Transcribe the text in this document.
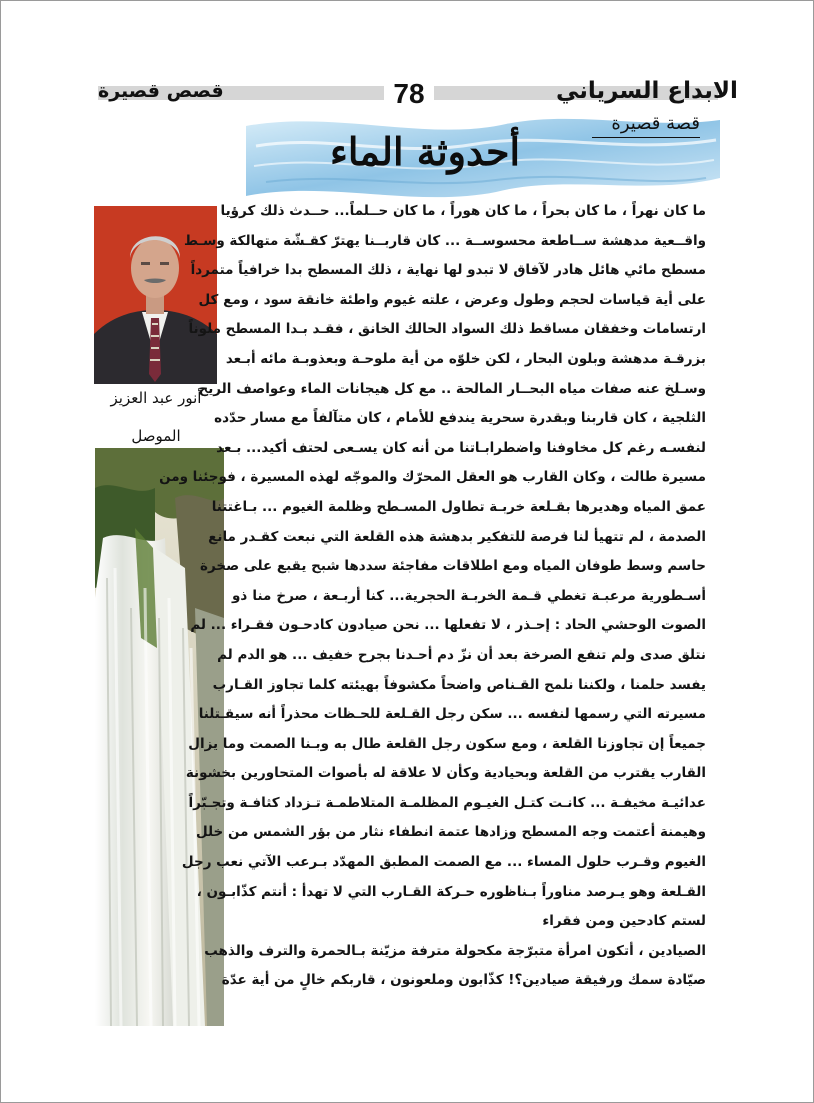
الابداع السرياني
قصص قصيرة	78
قصة قصيرة
أحدوثة الماء
أنور عبد العزيز
الموصل
ما كان نهراً ، ما كان بحراً ، ما كان هوراً ، ما كان حــلماً... حــدث ذلك كرؤيا
واقــعية مدهشة ســاطعة محسوســة ... كان قاربــنا يهترّ كقـشّة متهالكة وسـط
مسطح مائي هائل هادر لآفاق لا تبدو لها نهاية ، ذلك المسطح بدا خرافياً متمرداً
على أية قياسات لحجم وطول وعرض ، علته غيوم واطئة خانقة سود ، ومع كل
ارتسامات وخفقان مساقط ذلك السواد الحالك الخانق ، فقـد بـدا المسطح ملوناً
بزرقـة مدهشة وبلون البحار ، لكن خلوّه من أية ملوحـة وبعذوبـة مائه أبـعد
وسـلخ عنه صفات مياه البحــار المالحة .. مع كل هيجانات الماء وعواصف الريح
الثلجية ، كان قاربنا وبقدرة سحرية يندفع للأمام ، كان متآلفاً مع مسار حدّده
لنفسـه رغم كل مخاوفنا واضطرابـاتنا من أنه كان يسـعى لحتف أكيد... بـعد
مسيرة طالت ، وكان القارب هو العقل المحرّك والموجّه لهذه المسيرة ، فوجئنا ومن
عمق المياه وهديرها بقـلعة خربـة تطاول المسـطح وظلمة الغيوم ... بـاغتتنا
الصدمة ، لم تتهيأ لنا فرصة للتفكير بدهشة هذه القلعة التي نبعت كقـدر مانع
حاسم وسط طوفان المياه ومع اطلاقات مفاجئة سددها شبح يقبع على صخرة
أسـطورية مرعبـة تغطي قـمة الخربـة الحجرية... كنا أربـعة ، صرخ منا ذو
الصوت الوحشي الحاد : إحـذر ، لا تفعلها ... نحن صيادون كادحـون فقـراء ... لم
نتلق صدى ولم تنفع الصرخة بعد أن نزّ دم أحـدنا بجرح خفيف ... هو الدم لم
يفسد حلمنا ، ولكننا نلمح القـناص واضحاً مكشوفاً بهيئته كلما تجاوز القـارب
مسيرته التي رسمها لنفسه ... سكن رجل القـلعة للحـظات محذراً أنه سيقـتلنا
جميعاً إن تجاوزنا القلعة ، ومع سكون رجل القلعة طال به وبـنا الصمت وما يزال
القارب يقترب من القلعة وبحيادية وكأن لا علاقة له بأصوات المتحاورين بخشونة
عدائيـة مخيفـة ... كانـت كتـل الغيـوم المظلمـة المتلاطمـة تـزداد كثافـة وتجـبّراً
وهيمنة أعتمت وجه المسطح وزادها عتمة انطفاء نثار من بؤر الشمس من خلل
الغيوم وقـرب حلول المساء ... مع الصمت المطبق المهدّد بـرعب الآتي نعب رجل
القـلعة وهو يـرصد مناوراً بـناظوره حـركة القـارب التي لا تهدأ : أنتم كذّابـون ،
لستم كادحين ومن فقراء
الصيادين ، أتكون امرأة متبرّجة مكحولة مترفة مزيّنة بـالحمرة والترف والذهب
صيّادة سمك ورفيقة صيادين؟! كذّابون وملعونون ، قاربكم خالٍ من أية عدّة
